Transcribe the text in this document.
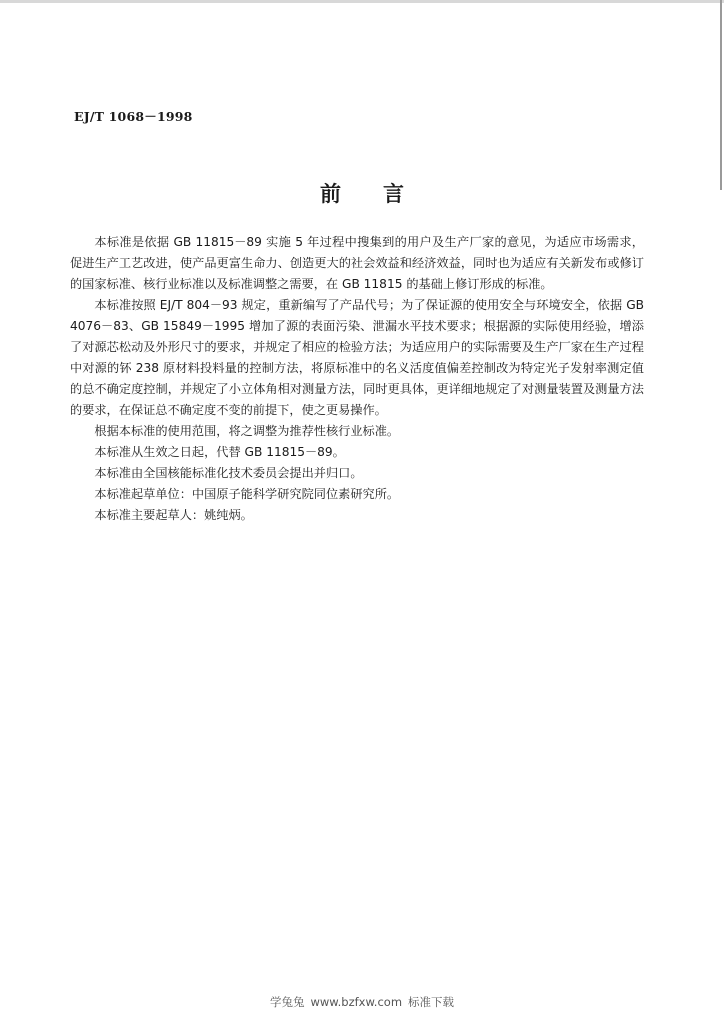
EJ/T 1068－1998
前言

本标准是依据 GB 11815－89 实施 5 年过程中搜集到的用户及生产厂家的意见，为适应市场需求，促进生产工艺改进，使产品更富生命力、创造更大的社会效益和经济效益，同时也为适应有关新发布或修订的国家标准、核行业标准以及标准调整之需要，在 GB 11815 的基础上修订形成的标准。

本标准按照 EJ/T 804－93 规定，重新编写了产品代号；为了保证源的使用安全与环境安全，依据 GB 4076－83、GB 15849－1995 增加了源的表面污染、泄漏水平技术要求；根据源的实际使用经验，增添了对源芯松动及外形尺寸的要求，并规定了相应的检验方法；为适应用户的实际需要及生产厂家在生产过程中对源的钚 238 原材料投料量的控制方法，将原标准中的名义活度值偏差控制改为特定光子发射率测定值的总不确定度控制，并规定了小立体角相对测量方法，同时更具体，更详细地规定了对测量装置及测量方法的要求，在保证总不确定度不变的前提下，使之更易操作。

根据本标准的使用范围，将之调整为推荐性核行业标准。

本标准从生效之日起，代替 GB 11815－89。

本标准由全国核能标准化技术委员会提出并归口。

本标准起草单位：中国原子能科学研究院同位素研究所。

本标准主要起草人：姚纯炳。

学兔兔 www.bzfxw.com 标准下载
